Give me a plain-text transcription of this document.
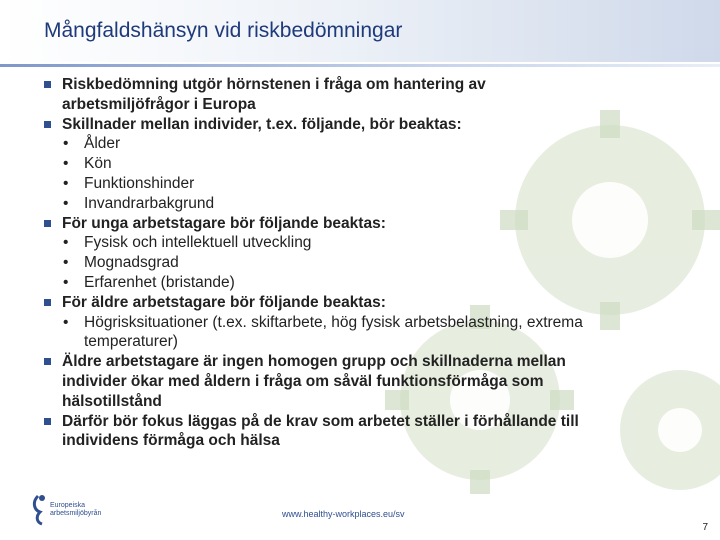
Mångfaldshänsyn vid riskbedömningar
Riskbedömning utgör hörnstenen i fråga om hantering av arbetsmiljöfrågor i Europa
Skillnader mellan individer, t.ex. följande, bör beaktas:
• Ålder
• Kön
• Funktionshinder
• Invandrarbakgrund
För unga arbetstagare bör följande beaktas:
• Fysisk och intellektuell utveckling
• Mognadsgrad
• Erfarenhet (bristande)
För äldre arbetstagare bör följande beaktas:
• Högrisksituationer (t.ex. skiftarbete, hög fysisk arbetsbelastning, extrema temperaturer)
Äldre arbetstagare är ingen homogen grupp och skillnaderna mellan individer ökar med åldern i fråga om såväl funktionsförmåga som hälsotillstånd
Därför bör fokus läggas på de krav som arbetet ställer i förhållande till individens förmåga och hälsa
Europeiska
arbetsmiljöbyrån	www.healthy-workplaces.eu/sv
7
